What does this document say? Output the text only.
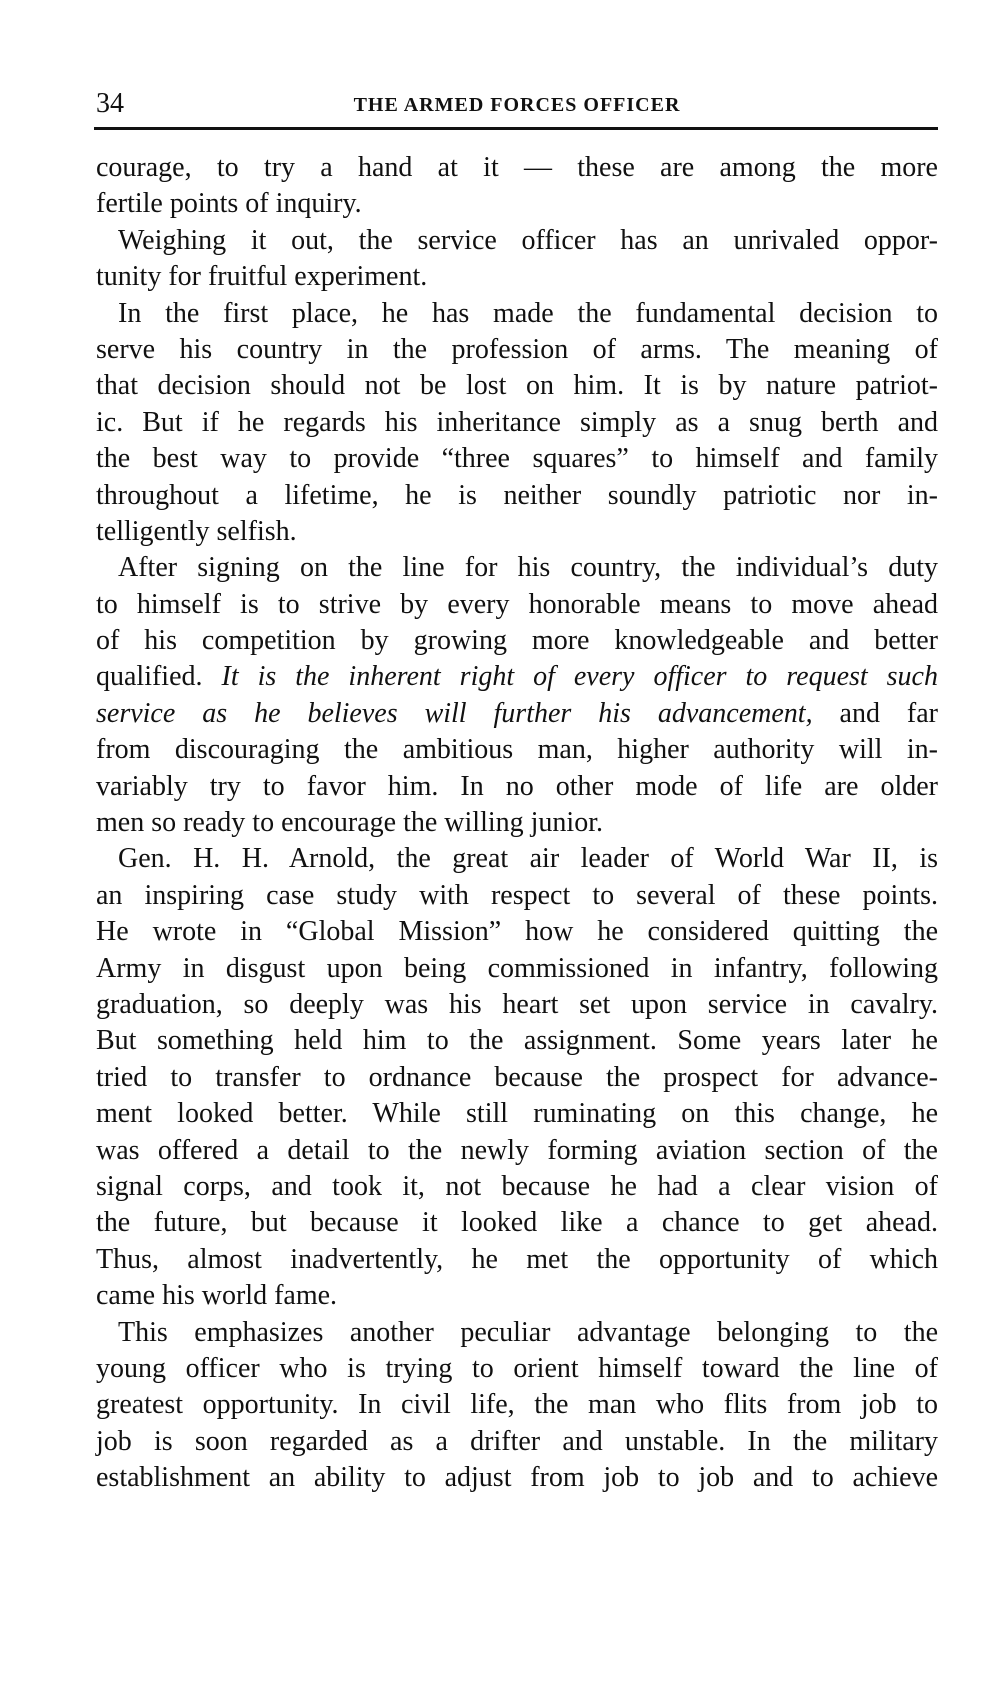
34	THE ARMED FORCES OFFICER
courage, to try a hand at it — these are among the more
fertile points of inquiry.
Weighing it out, the service officer has an unrivaled oppor-
tunity for fruitful experiment.
In the first place, he has made the fundamental decision to
serve his country in the profession of arms. The meaning of
that decision should not be lost on him. It is by nature patriot-
ic. But if he regards his inheritance simply as a snug berth and
the best way to provide “three squares” to himself and family
throughout a lifetime, he is neither soundly patriotic nor in-
telligently selfish.
After signing on the line for his country, the individual’s duty
to himself is to strive by every honorable means to move ahead
of his competition by growing more knowledgeable and better
qualified. It is the inherent right of every officer to request such
service as he believes will further his advancement, and far
from discouraging the ambitious man, higher authority will in-
variably try to favor him. In no other mode of life are older
men so ready to encourage the willing junior.
Gen. H. H. Arnold, the great air leader of World War II, is
an inspiring case study with respect to several of these points.
He wrote in “Global Mission” how he considered quitting the
Army in disgust upon being commissioned in infantry, following
graduation, so deeply was his heart set upon service in cavalry.
But something held him to the assignment. Some years later he
tried to transfer to ordnance because the prospect for advance-
ment looked better. While still ruminating on this change, he
was offered a detail to the newly forming aviation section of the
signal corps, and took it, not because he had a clear vision of
the future, but because it looked like a chance to get ahead.
Thus, almost inadvertently, he met the opportunity of which
came his world fame.
This emphasizes another peculiar advantage belonging to the
young officer who is trying to orient himself toward the line of
greatest opportunity. In civil life, the man who flits from job to
job is soon regarded as a drifter and unstable. In the military
establishment an ability to adjust from job to job and to achieve
